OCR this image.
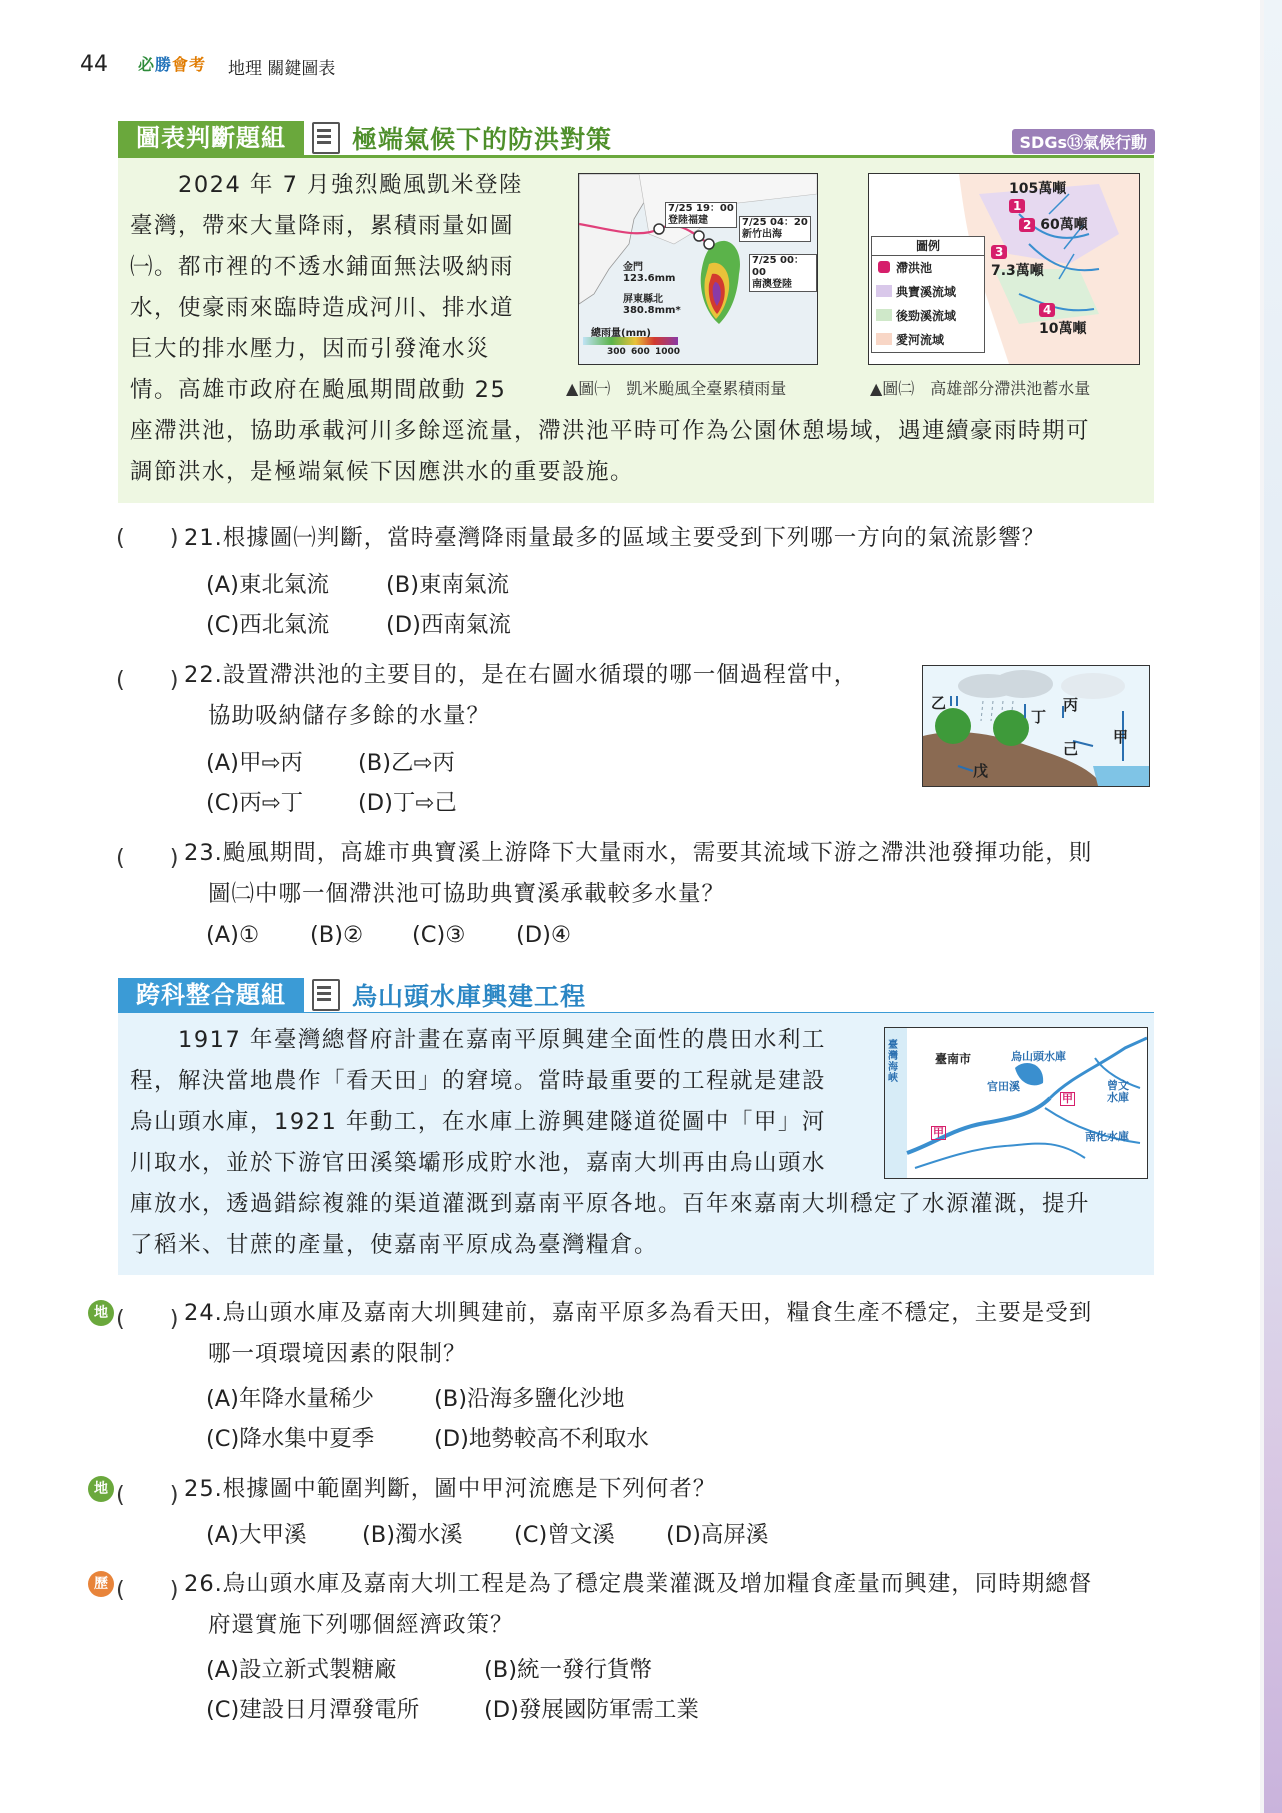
44 必勝會考 地理 關鍵圖表
圖表判斷題組	極端氣候下的防洪對策	SDGs⑬氣候行動
2024 年 7 月強烈颱風凱米登陸
臺灣，帶來大量降雨，累積雨量如圖
㈠。都市裡的不透水鋪面無法吸納雨
水，使豪雨來臨時造成河川、排水道
巨大的排水壓力，因而引發淹水災
情。高雄市政府在颱風期間啟動 25
座滯洪池，協助承載河川多餘逕流量，滯洪池平時可作為公園休憩場域，遇連續豪雨時期可
調節洪水，是極端氣候下因應洪水的重要設施。
7/25 19：00
登陸福建	7/25 04：20
新竹出海
7/25 00：00
南澳登陸
金門
123.6mm
屏東縣北
380.8mm*
總雨量(mm)
300 600 1000
▲圖㈠　凱米颱風全臺累積雨量
圖例
滯洪池
典寶溪流域
後勁溪流域
愛河流域
105萬噸
1
2 60萬噸
3
7.3萬噸
4
10萬噸
▲圖㈡　高雄部分滯洪池蓄水量
(　　) 21.根據圖㈠判斷，當時臺灣降雨量最多的區域主要受到下列哪一方向的氣流影響？
(A)東北氣流	(B)東南氣流
(C)西北氣流	(D)西南氣流
(　　) 22.設置滯洪池的主要目的，是在右圖水循環的哪一個過程當中，
協助吸納儲存多餘的水量？
(A)甲⇨丙 (B)乙⇨丙
(C)丙⇨丁 (D)丁⇨己
乙
丁
丙
甲
己
戊
(　　) 23.颱風期間，高雄市典寶溪上游降下大量雨水，需要其流域下游之滯洪池發揮功能，則
圖㈡中哪一個滯洪池可協助典寶溪承載較多水量？
(A)① (B)② (C)③ (D)④
跨科整合題組	烏山頭水庫興建工程
1917 年臺灣總督府計畫在嘉南平原興建全面性的農田水利工
程，解決當地農作「看天田」的窘境。當時最重要的工程就是建設
烏山頭水庫，1921 年動工，在水庫上游興建隧道從圖中「甲」河
川取水，並於下游官田溪築壩形成貯水池，嘉南大圳再由烏山頭水
庫放水，透過錯綜複雜的渠道灌溉到嘉南平原各地。百年來嘉南大圳穩定了水源灌溉，提升
了稻米、甘蔗的產量，使嘉南平原成為臺灣糧倉。
臺灣海峽
臺南市	烏山頭水庫
官田溪	曾文水庫
甲
甲	南化水庫
地 (　　) 24.烏山頭水庫及嘉南大圳興建前，嘉南平原多為看天田，糧食生產不穩定，主要是受到
哪一項環境因素的限制？
(A)年降水量稀少	(B)沿海多鹽化沙地
(C)降水集中夏季	(D)地勢較高不利取水
地 (　　) 25.根據圖中範圍判斷，圖中甲河流應是下列何者？
(A)大甲溪 (B)濁水溪 (C)曾文溪 (D)高屏溪
歷 (　　) 26.烏山頭水庫及嘉南大圳工程是為了穩定農業灌溉及增加糧食產量而興建，同時期總督
府還實施下列哪個經濟政策？
(A)設立新式製糖廠	(B)統一發行貨幣
(C)建設日月潭發電所	(D)發展國防軍需工業
